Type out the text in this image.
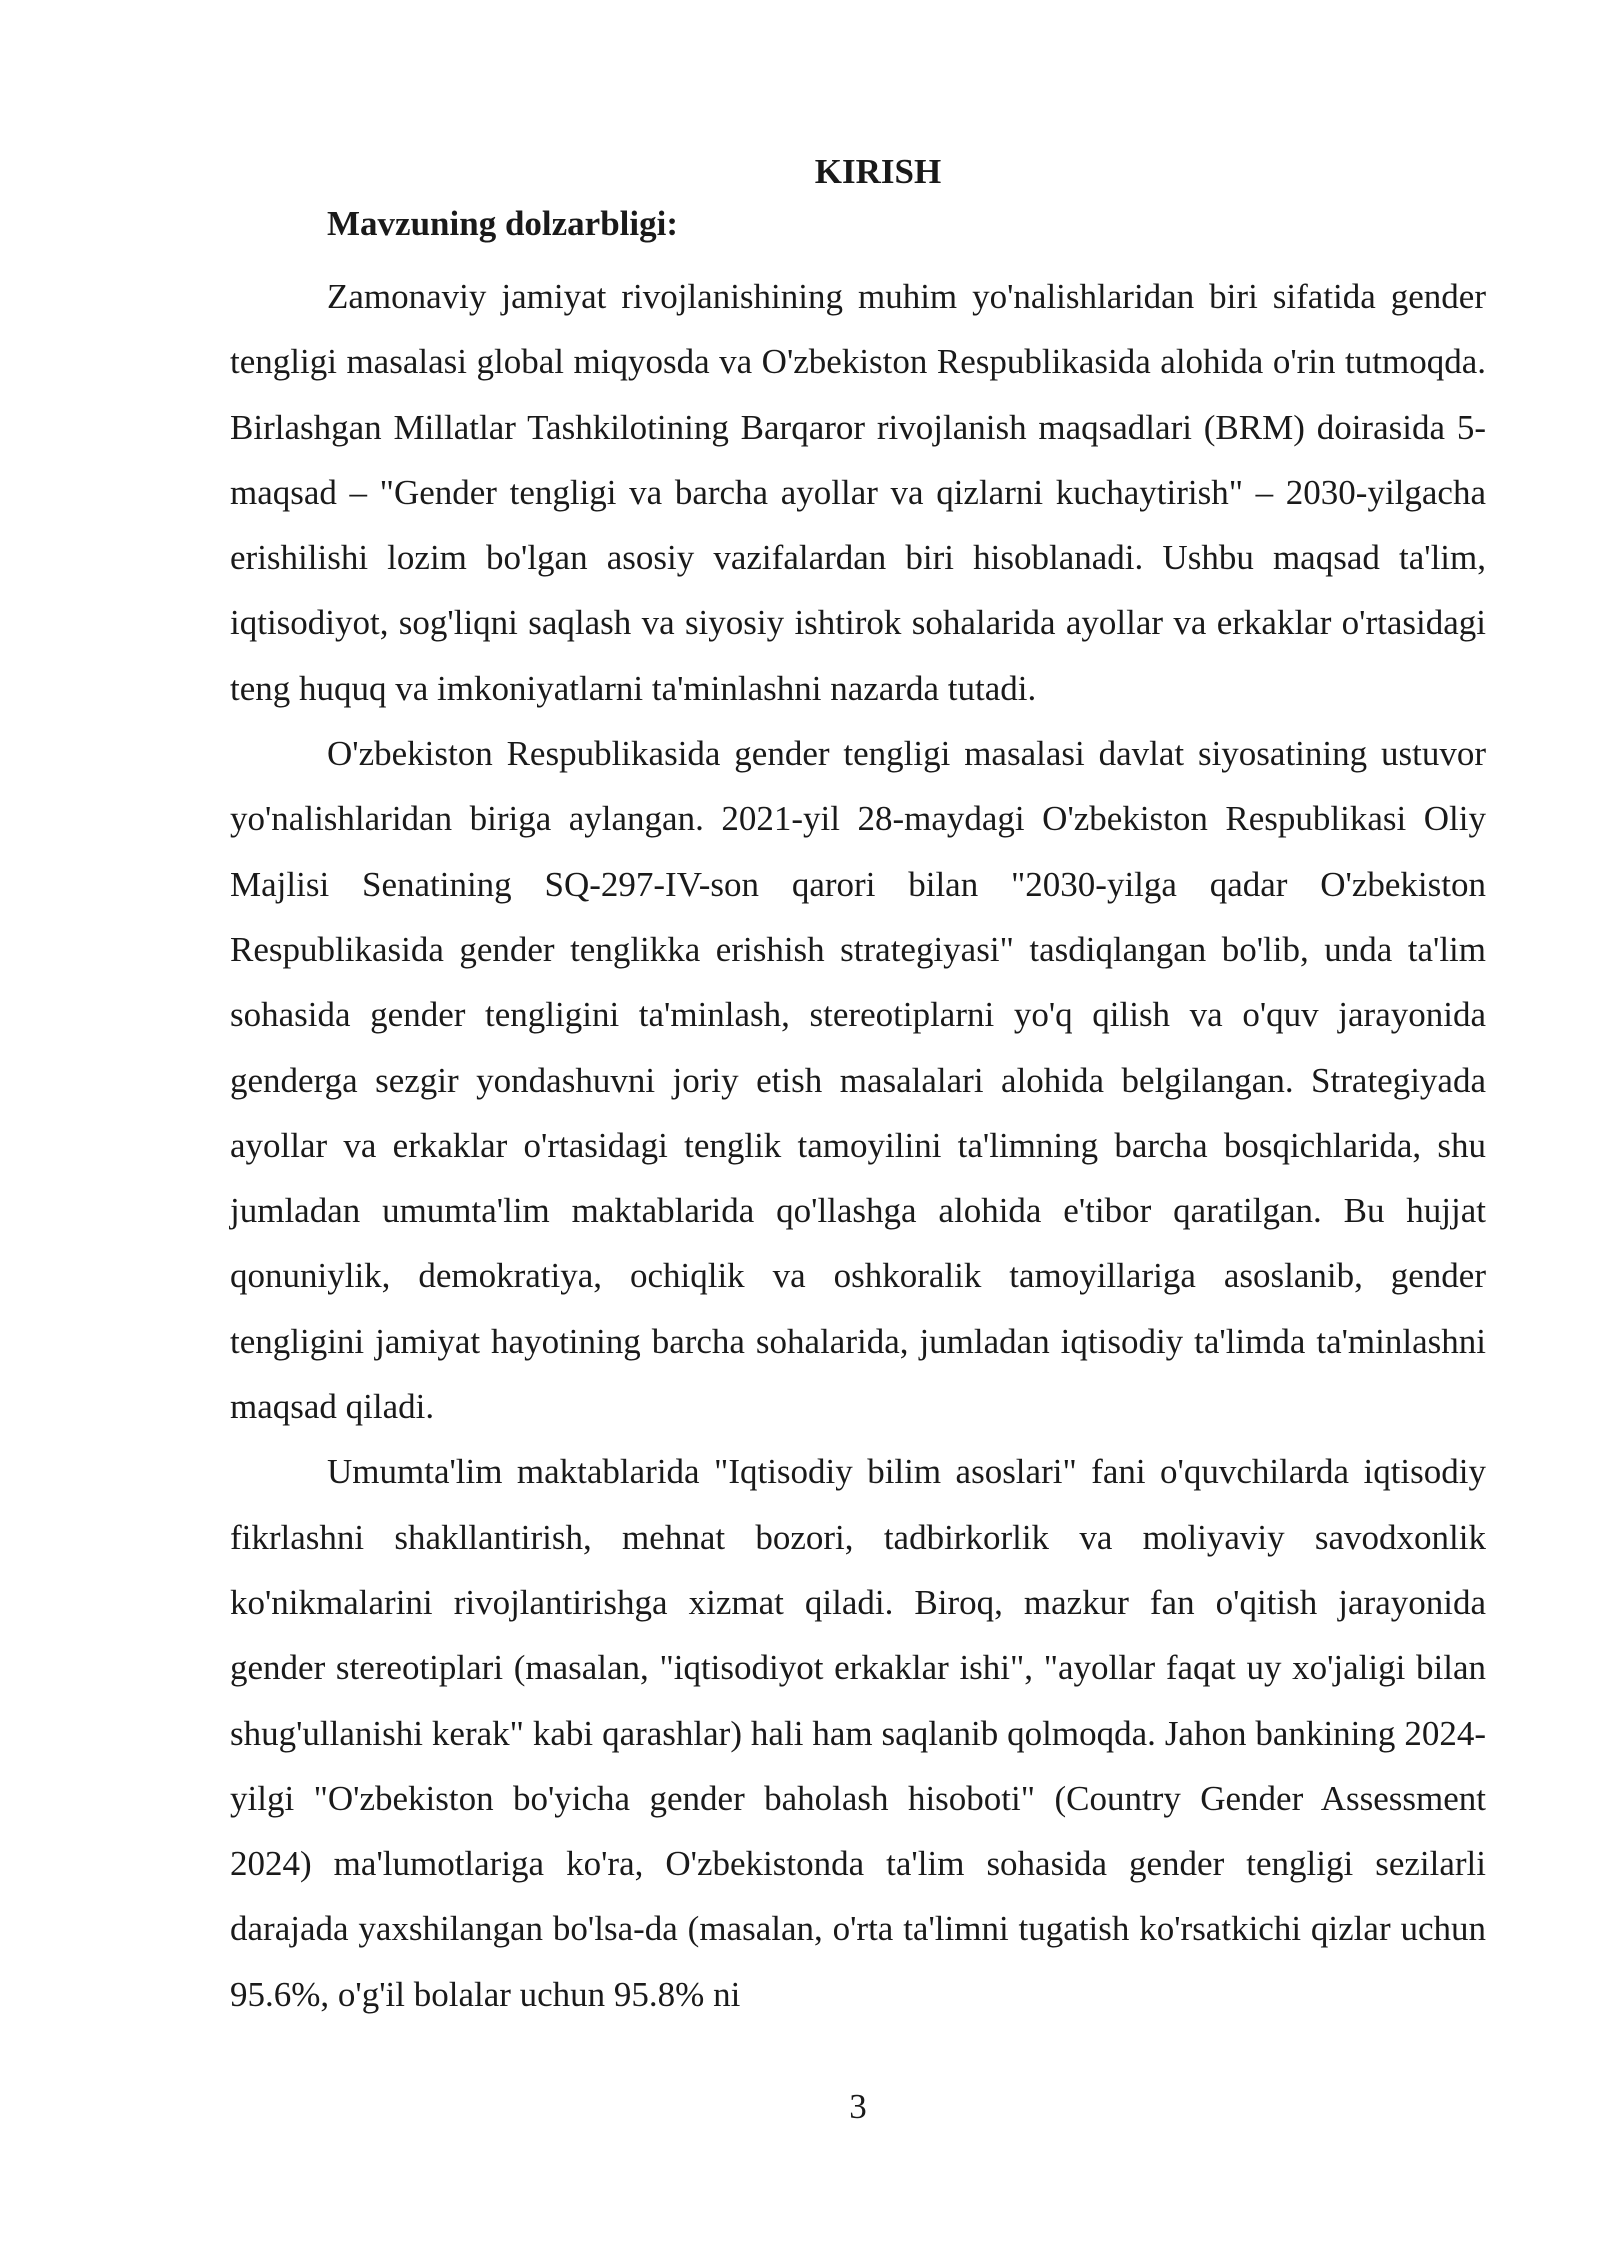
KIRISH
Mavzuning dolzarbligi:

Zamonaviy jamiyat rivojlanishining muhim yo'nalishlaridan biri sifatida gender tengligi masalasi global miqyosda va O'zbekiston Respublikasida alohida o'rin tutmoqda. Birlashgan Millatlar Tashkilotining Barqaror rivojlanish maqsadlari (BRM) doirasida 5-maqsad – "Gender tengligi va barcha ayollar va qizlarni kuchaytirish" – 2030-yilgacha erishilishi lozim bo'lgan asosiy vazifalardan biri hisoblanadi. Ushbu maqsad ta'lim, iqtisodiyot, sog'liqni saqlash va siyosiy ishtirok sohalarida ayollar va erkaklar o'rtasidagi teng huquq va imkoniyatlarni ta'minlashni nazarda tutadi.

O'zbekiston Respublikasida gender tengligi masalasi davlat siyosatining ustuvor yo'nalishlaridan biriga aylangan. 2021-yil 28-maydagi O'zbekiston Respublikasi Oliy Majlisi Senatining SQ-297-IV-son qarori bilan "2030-yilga qadar O'zbekiston Respublikasida gender tenglikka erishish strategiyasi" tasdiqlangan bo'lib, unda ta'lim sohasida gender tengligini ta'minlash, stereotiplarni yo'q qilish va o'quv jarayonida genderga sezgir yondashuvni joriy etish masalalari alohida belgilangan. Strategiyada ayollar va erkaklar o'rtasidagi tenglik tamoyilini ta'limning barcha bosqichlarida, shu jumladan umumta'lim maktablarida qo'llashga alohida e'tibor qaratilgan. Bu hujjat qonuniylik, demokratiya, ochiqlik va oshkoralik tamoyillariga asoslanib, gender tengligini jamiyat hayotining barcha sohalarida, jumladan iqtisodiy ta'limda ta'minlashni maqsad qiladi.

Umumta'lim maktablarida "Iqtisodiy bilim asoslari" fani o'quvchilarda iqtisodiy fikrlashni shakllantirish, mehnat bozori, tadbirkorlik va moliyaviy savodxonlik ko'nikmalarini rivojlantirishga xizmat qiladi. Biroq, mazkur fan o'qitish jarayonida gender stereotiplari (masalan, "iqtisodiyot erkaklar ishi", "ayollar faqat uy xo'jaligi bilan shug'ullanishi kerak" kabi qarashlar) hali ham saqlanib qolmoqda. Jahon bankining 2024-yilgi "O'zbekiston bo'yicha gender baholash hisoboti" (Country Gender Assessment 2024) ma'lumotlariga ko'ra, O'zbekistonda ta'lim sohasida gender tengligi sezilarli darajada yaxshilangan bo'lsa-da (masalan, o'rta ta'limni tugatish ko'rsatkichi qizlar uchun 95.6%, o'g'il bolalar uchun 95.8% ni

3
